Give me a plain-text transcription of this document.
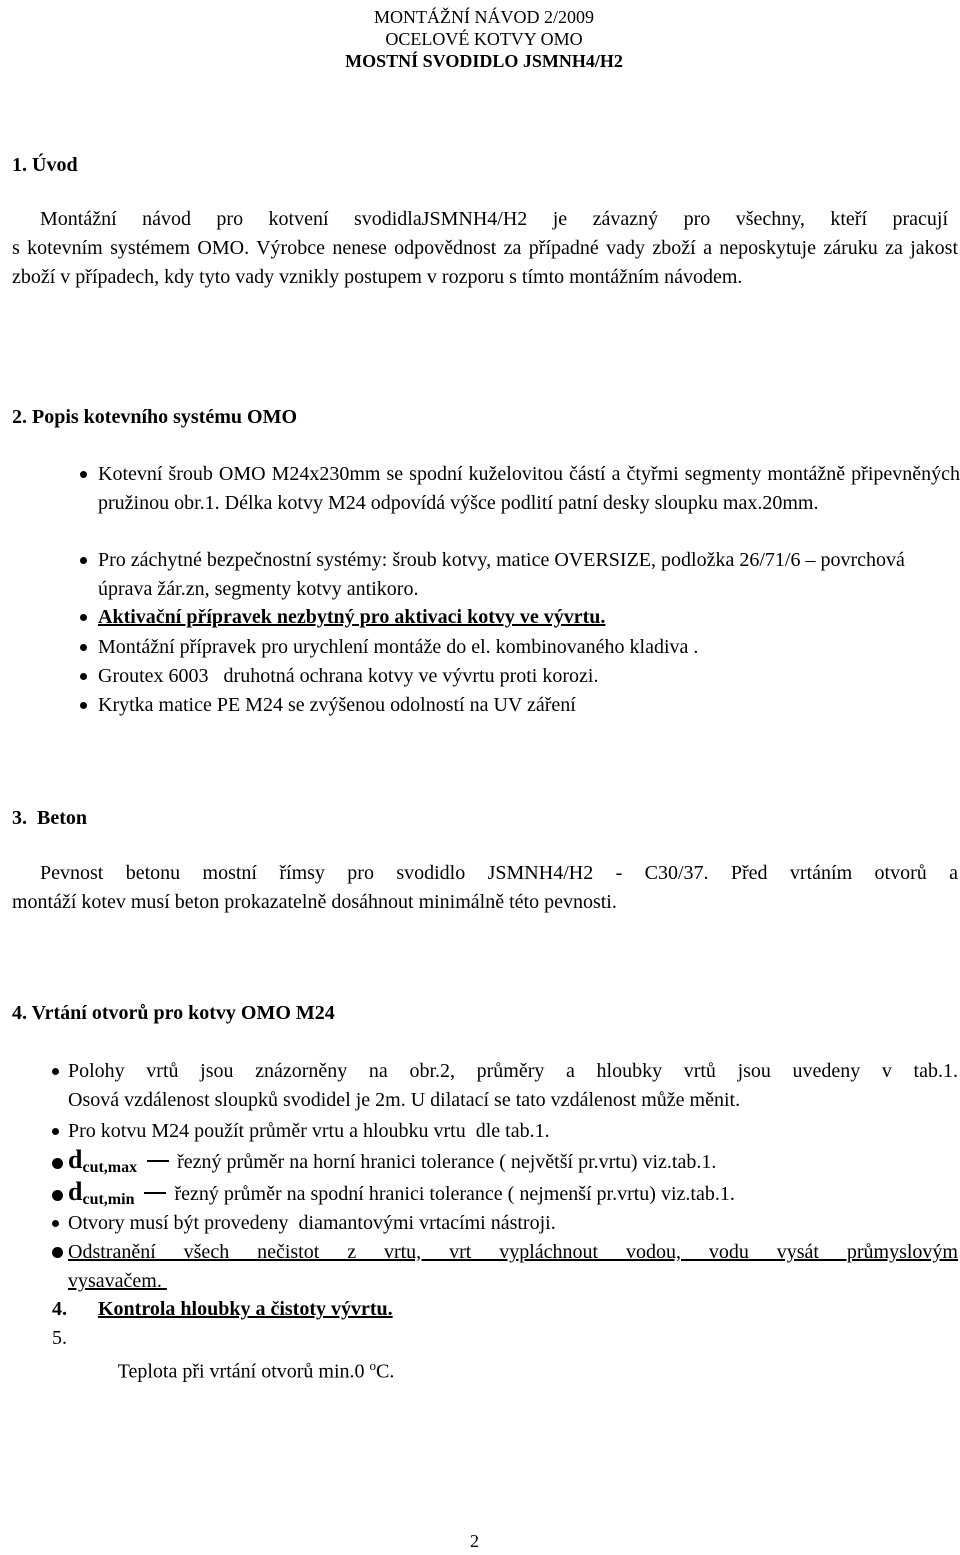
MONTÁŽNÍ NÁVOD 2/2009
OCELOVÉ KOTVY OMO
MOSTNÍ SVODIDLO JSMNH4/H2
1. Úvod
Montážní návod pro kotvení svodidlaJSMNH4/H2 je závazný pro všechny, kteří pracují
s kotevním systémem OMO. Výrobce nenese odpovědnost za případné vady zboží a neposkytuje záruku za jakost zboží v případech, kdy tyto vady vznikly postupem v rozporu s tímto montážním návodem.
2. Popis kotevního systému OMO
Kotevní šroub OMO M24x230mm se spodní kuželovitou částí a čtyřmi segmenty montážně připevněných pružinou obr.1. Délka kotvy M24 odpovídá výšce podlití patní desky sloupku max.20mm.
Pro záchytné bezpečnostní systémy: šroub kotvy, matice OVERSIZE, podložka 26/71/6 – povrchová úprava žár.zn, segmenty kotvy antikoro.
Aktivační přípravek nezbytný pro aktivaci kotvy ve vývrtu.
Montážní přípravek pro urychlení montáže do el. kombinovaného kladiva .
Groutex 6003   druhotná ochrana kotvy ve vývrtu proti korozi.
Krytka matice PE M24 se zvýšenou odolností na UV záření
3.  Beton
Pevnost betonu mostní římsy pro svodidlo JSMNH4/H2 - C30/37. Před vrtáním otvorů a
montáží kotev musí beton prokazatelně dosáhnout minimálně této pevnosti.
4. Vrtání otvorů pro kotvy OMO M24
Polohy vrtů jsou znázorněny na obr.2, průměry a hloubky vrtů jsou uvedeny v tab.1.
Osová vzdálenost sloupků svodidel je 2m. U dilatací se tato vzdálenost může měnit.
Pro kotvu M24 použít průměr vrtu a hloubku vrtu  dle tab.1.
$d_{cut,max}$ řezný průměr na horní hranici tolerance ( největší pr.vrtu) viz.tab.1.
$d_{cut,min}$ řezný průměr na spodní hranici tolerance ( nejmenší pr.vrtu) viz.tab.1.
Otvory musí být provedeny  diamantovými vrtacími nástroji.
Odstranění všech nečistot z vrtu, vrt vypláchnout vodou, vodu vysát průmyslovým
vysavačem.
4. Kontrola hloubky a čistoty vývrtu.
5.

Teplota při vrtání otvorů min.0 $^o$C.

2
